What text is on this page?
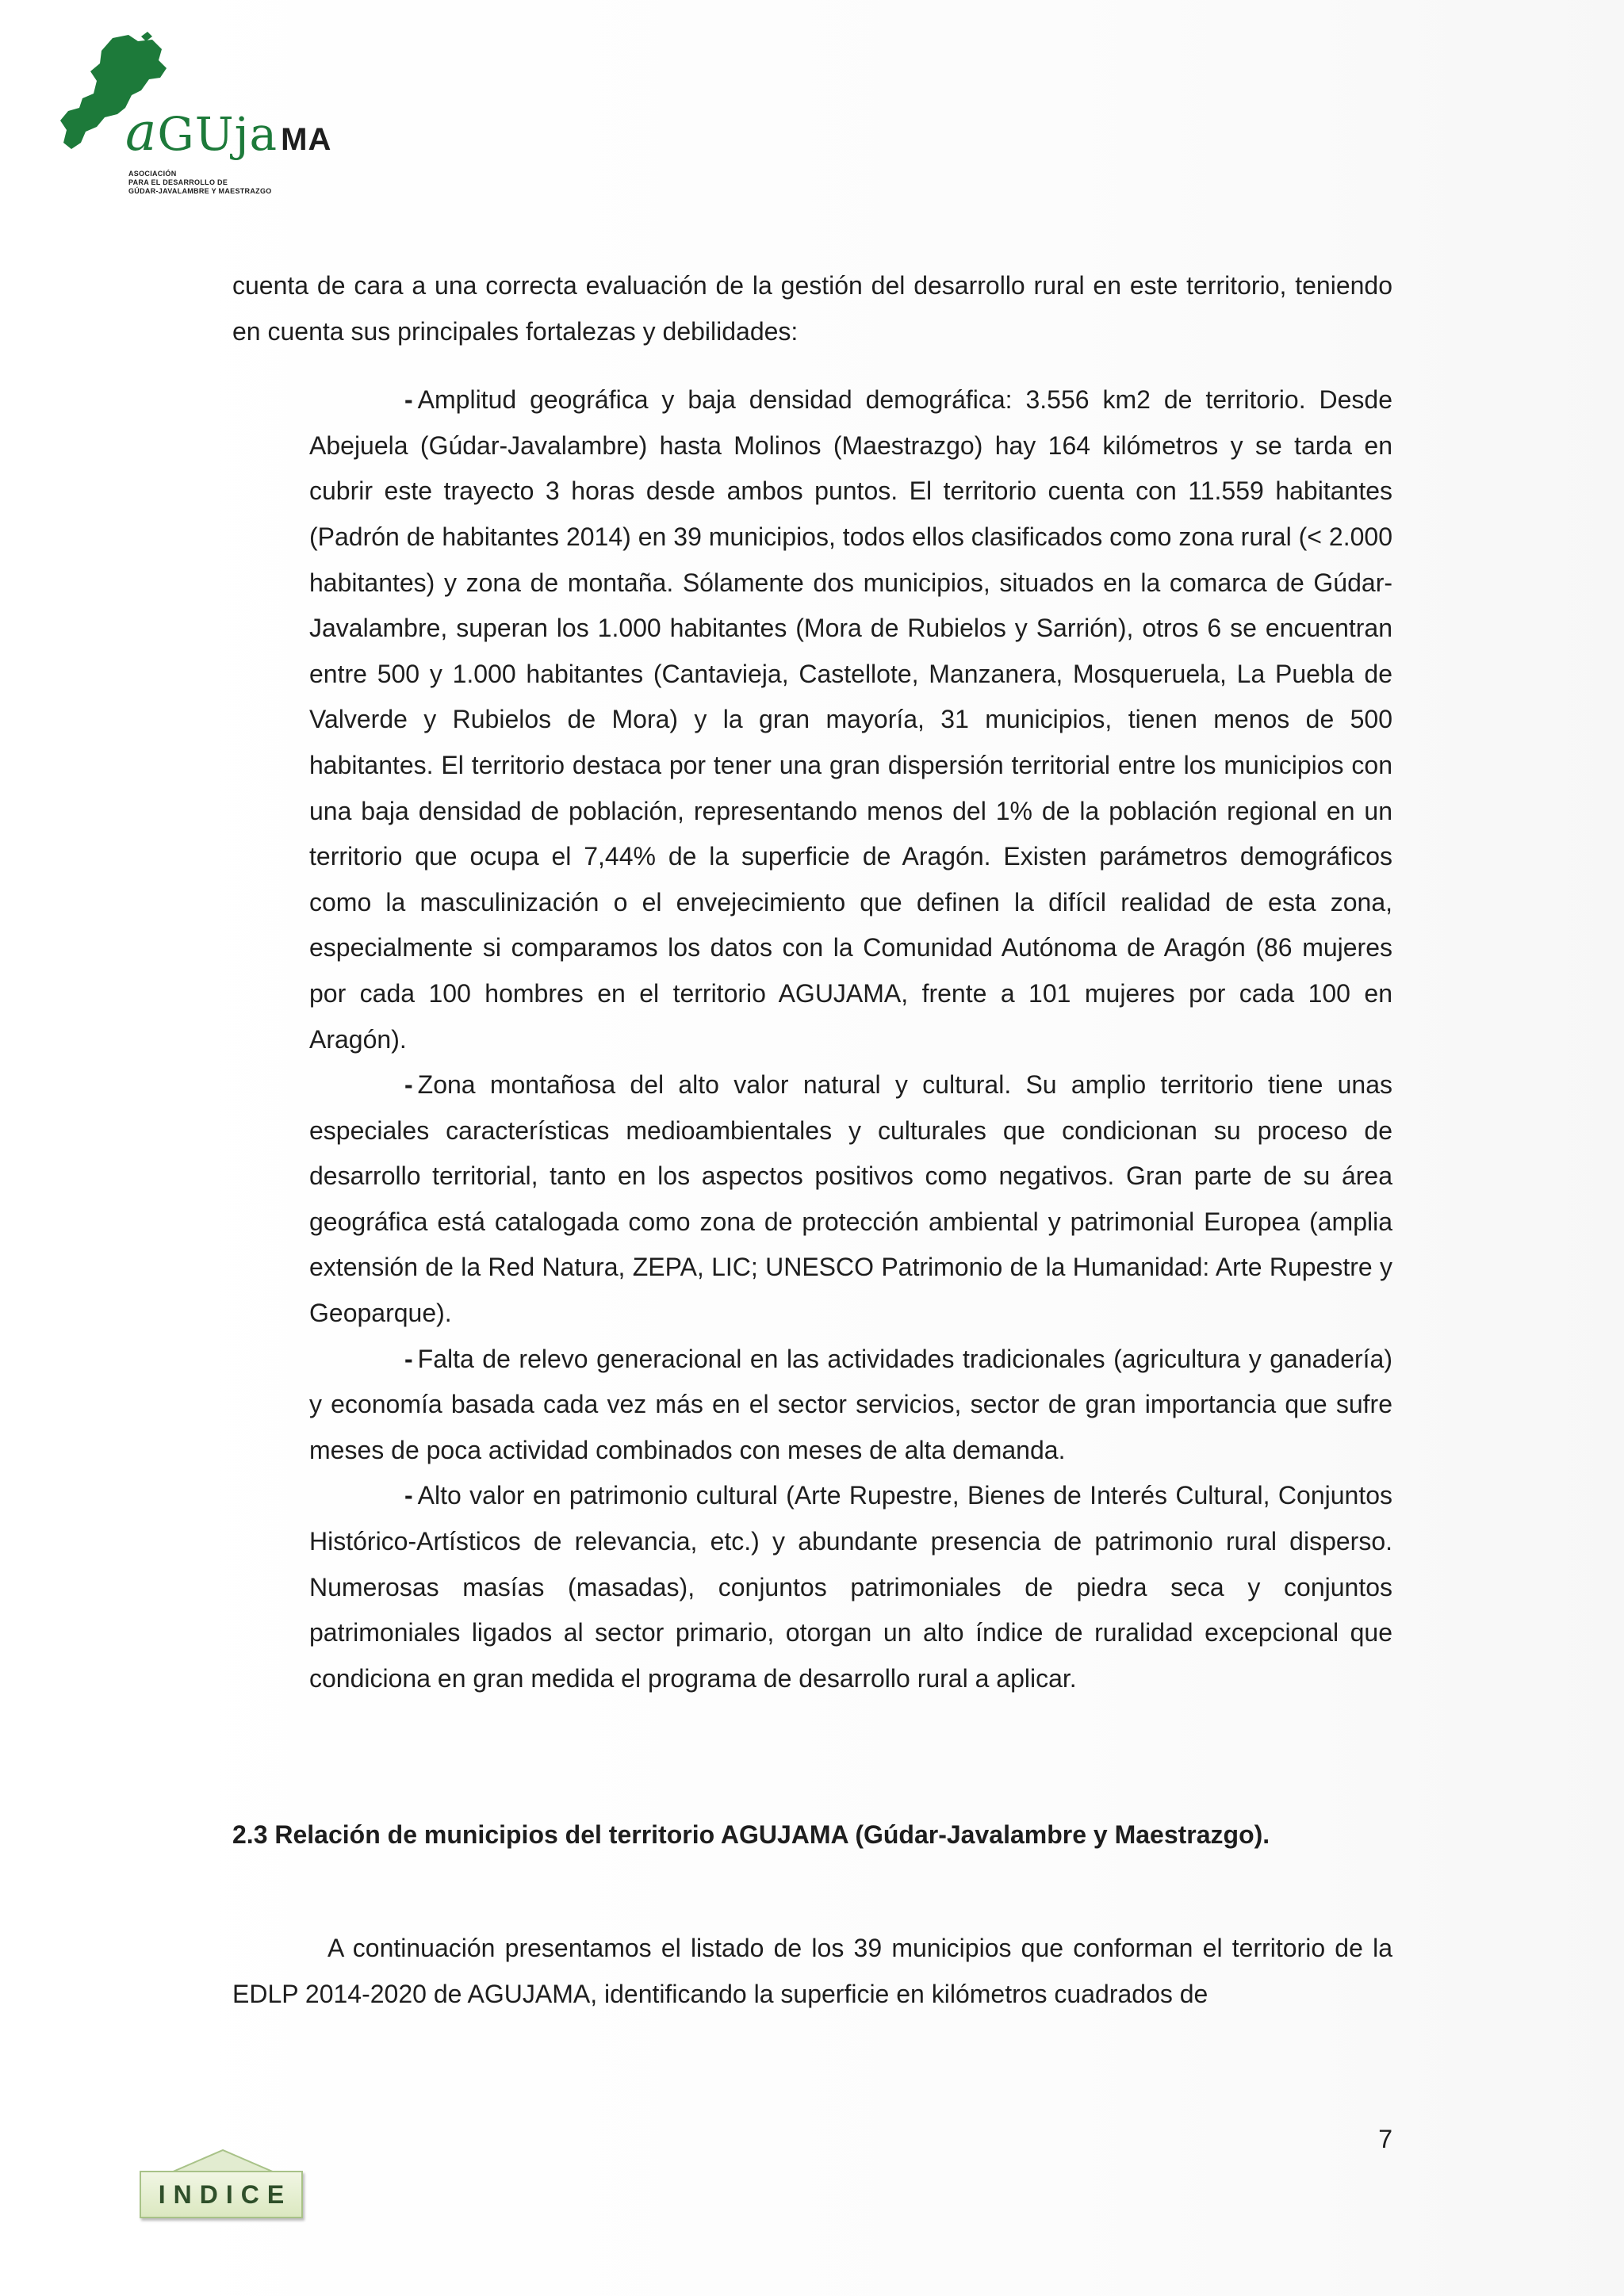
aGUja MA
ASOCIACIÓN
PARA EL DESARROLLO DE
GÚDAR-JAVALAMBRE Y MAESTRAZGO

cuenta de cara a una correcta evaluación de la gestión del desarrollo rural en este territorio, teniendo en cuenta sus principales fortalezas y debilidades:

- Amplitud geográfica y baja densidad demográfica: 3.556 km2 de territorio. Desde Abejuela (Gúdar-Javalambre) hasta Molinos (Maestrazgo) hay 164 kilómetros y se tarda en cubrir este trayecto 3 horas desde ambos puntos. El territorio cuenta con 11.559 habitantes (Padrón de habitantes 2014) en 39 municipios, todos ellos clasificados como zona rural (< 2.000 habitantes) y zona de montaña. Sólamente dos municipios, situados en la comarca de Gúdar-Javalambre, superan los 1.000 habitantes (Mora de Rubielos y Sarrión), otros 6 se encuentran entre 500 y 1.000 habitantes (Cantavieja, Castellote, Manzanera, Mosqueruela, La Puebla de Valverde y Rubielos de Mora) y la gran mayoría, 31 municipios, tienen menos de 500 habitantes. El territorio destaca por tener una gran dispersión territorial entre los municipios con una baja densidad de población, representando menos del 1% de la población regional en un territorio que ocupa el 7,44% de la superficie de Aragón. Existen parámetros demográficos como la masculinización o el envejecimiento que definen la difícil realidad de esta zona, especialmente si comparamos los datos con la Comunidad Autónoma de Aragón (86 mujeres por cada 100 hombres en el territorio AGUJAMA, frente a 101 mujeres por cada 100 en Aragón).

- Zona montañosa del alto valor natural y cultural. Su amplio territorio tiene unas especiales características medioambientales y culturales que condicionan su proceso de desarrollo territorial, tanto en los aspectos positivos como negativos. Gran parte de su área geográfica está catalogada como zona de protección ambiental y patrimonial Europea (amplia extensión de la Red Natura, ZEPA, LIC; UNESCO Patrimonio de la Humanidad: Arte Rupestre y Geoparque).

- Falta de relevo generacional en las actividades tradicionales (agricultura y ganadería) y economía basada cada vez más en el sector servicios, sector de gran importancia que sufre meses de poca actividad combinados con meses de alta demanda.

- Alto valor en patrimonio cultural (Arte Rupestre, Bienes de Interés Cultural, Conjuntos Histórico-Artísticos de relevancia, etc.) y abundante presencia de patrimonio rural disperso. Numerosas masías (masadas), conjuntos patrimoniales de piedra seca y conjuntos patrimoniales ligados al sector primario, otorgan un alto índice de ruralidad excepcional que condiciona en gran medida el programa de desarrollo rural a aplicar.

2.3 Relación de municipios del territorio AGUJAMA (Gúdar-Javalambre y Maestrazgo).

A continuación presentamos el listado de los 39 municipios que conforman el territorio de la EDLP 2014-2020 de AGUJAMA, identificando la superficie en kilómetros cuadrados de

7
INDICE
